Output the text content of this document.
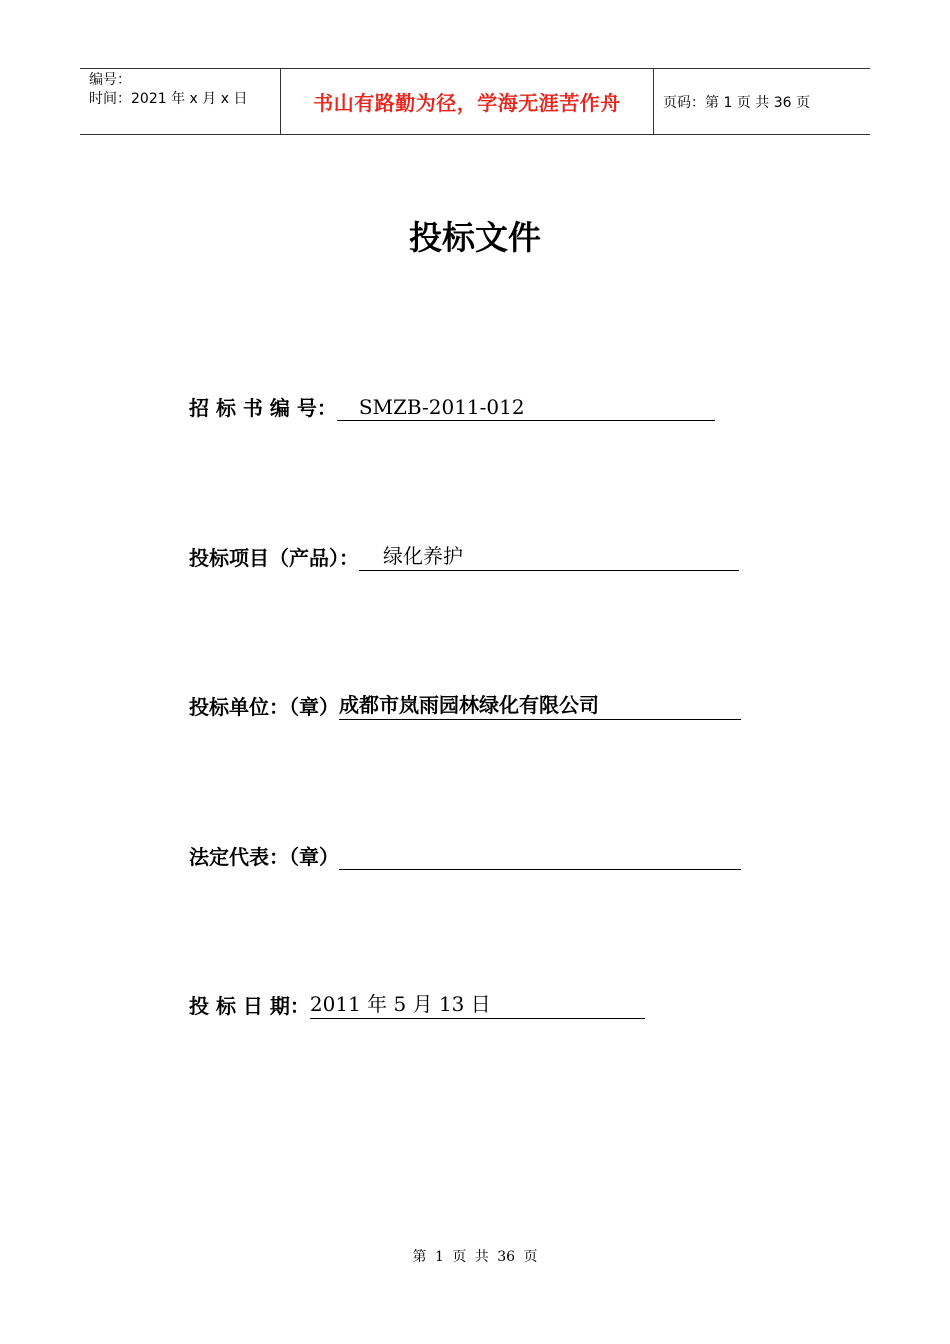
编号：
时间：2021 年 x 月 x 日	书山有路勤为径，学海无涯苦作舟	页码：第 1 页 共 36 页
投标文件
招 标 书 编 号：	SMZB-2011-012
投标项目（产品）：	绿化养护
投标单位：（章） 成都市岚雨园林绿化有限公司
法定代表：（章）
投 标 日 期： 2011 年 5 月 13 日
第 1 页 共 36 页
